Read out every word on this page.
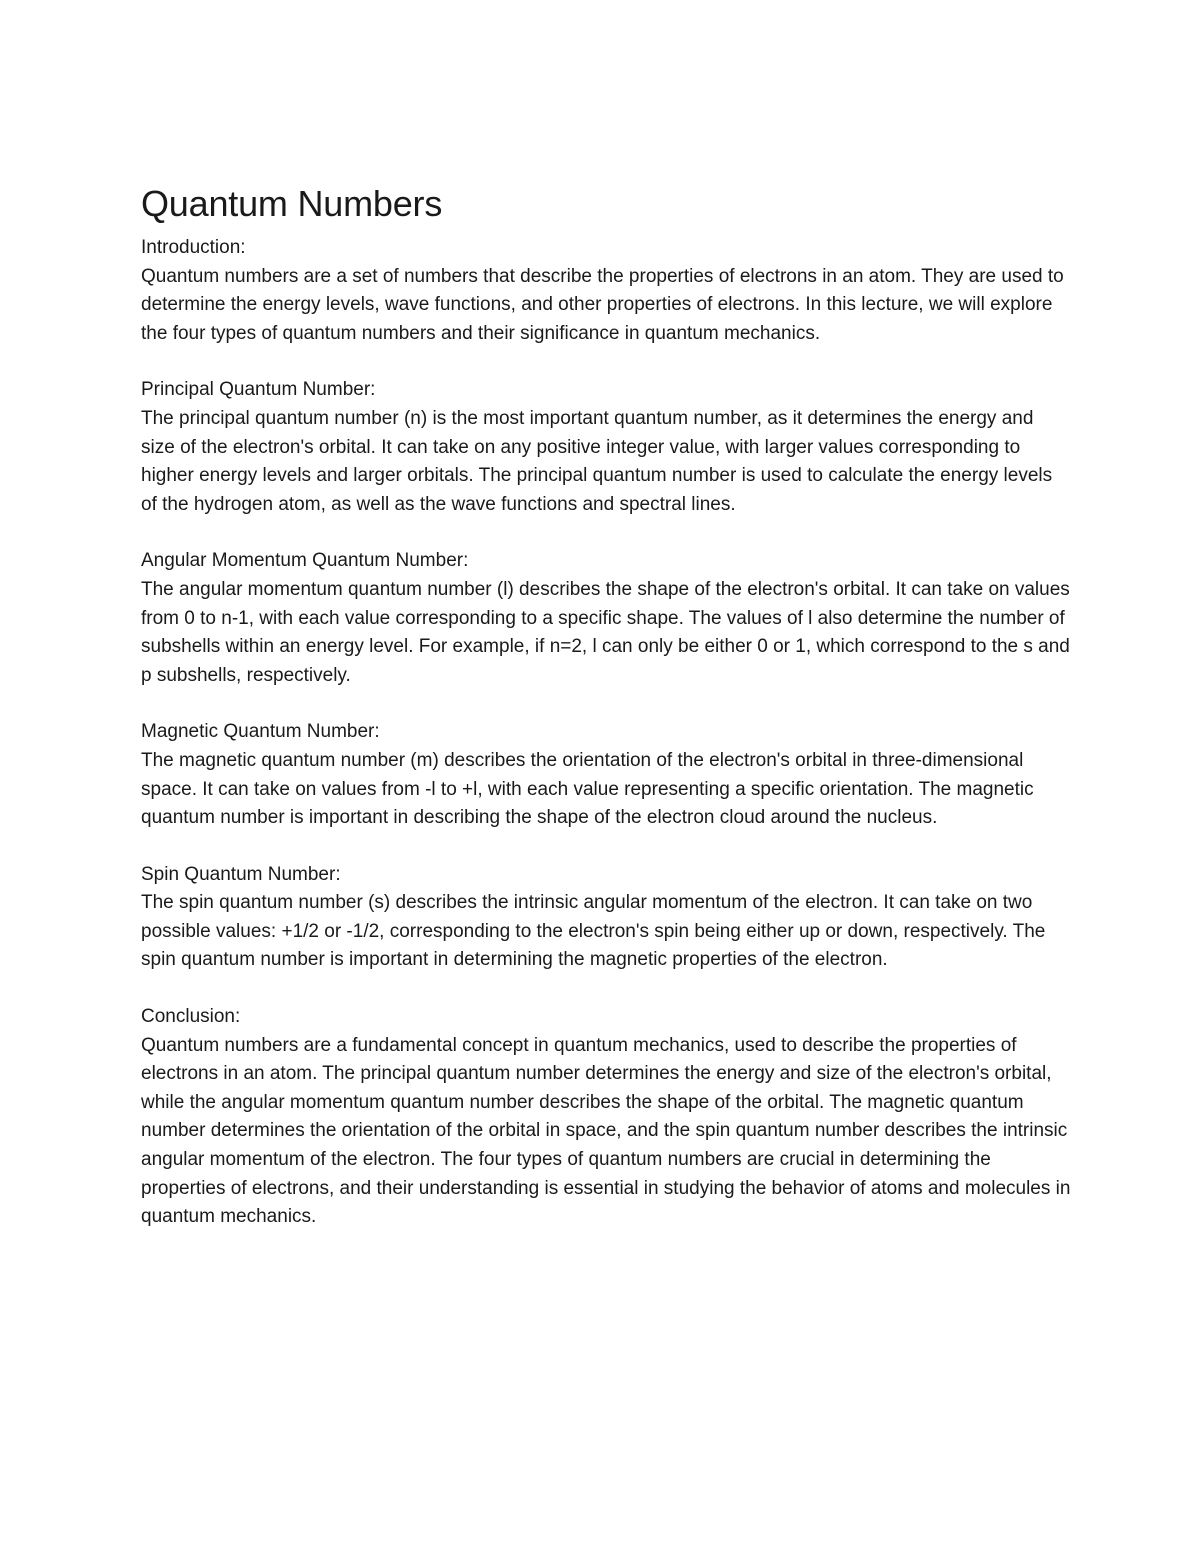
Quantum Numbers

Introduction:

Quantum numbers are a set of numbers that describe the properties of electrons in an atom. They are used to determine the energy levels, wave functions, and other properties of electrons. In this lecture, we will explore the four types of quantum numbers and their significance in quantum mechanics.

Principal Quantum Number:

The principal quantum number (n) is the most important quantum number, as it determines the energy and size of the electron's orbital. It can take on any positive integer value, with larger values corresponding to higher energy levels and larger orbitals. The principal quantum number is used to calculate the energy levels of the hydrogen atom, as well as the wave functions and spectral lines.

Angular Momentum Quantum Number:

The angular momentum quantum number (l) describes the shape of the electron's orbital. It can take on values from 0 to n-1, with each value corresponding to a specific shape. The values of l also determine the number of subshells within an energy level. For example, if n=2, l can only be either 0 or 1, which correspond to the s and p subshells, respectively.

Magnetic Quantum Number:

The magnetic quantum number (m) describes the orientation of the electron's orbital in three-dimensional space. It can take on values from -l to +l, with each value representing a specific orientation. The magnetic quantum number is important in describing the shape of the electron cloud around the nucleus.

Spin Quantum Number:

The spin quantum number (s) describes the intrinsic angular momentum of the electron. It can take on two possible values: +1/2 or -1/2, corresponding to the electron's spin being either up or down, respectively. The spin quantum number is important in determining the magnetic properties of the electron.

Conclusion:

Quantum numbers are a fundamental concept in quantum mechanics, used to describe the properties of electrons in an atom. The principal quantum number determines the energy and size of the electron's orbital, while the angular momentum quantum number describes the shape of the orbital. The magnetic quantum number determines the orientation of the orbital in space, and the spin quantum number describes the intrinsic angular momentum of the electron. The four types of quantum numbers are crucial in determining the properties of electrons, and their understanding is essential in studying the behavior of atoms and molecules in quantum mechanics.
